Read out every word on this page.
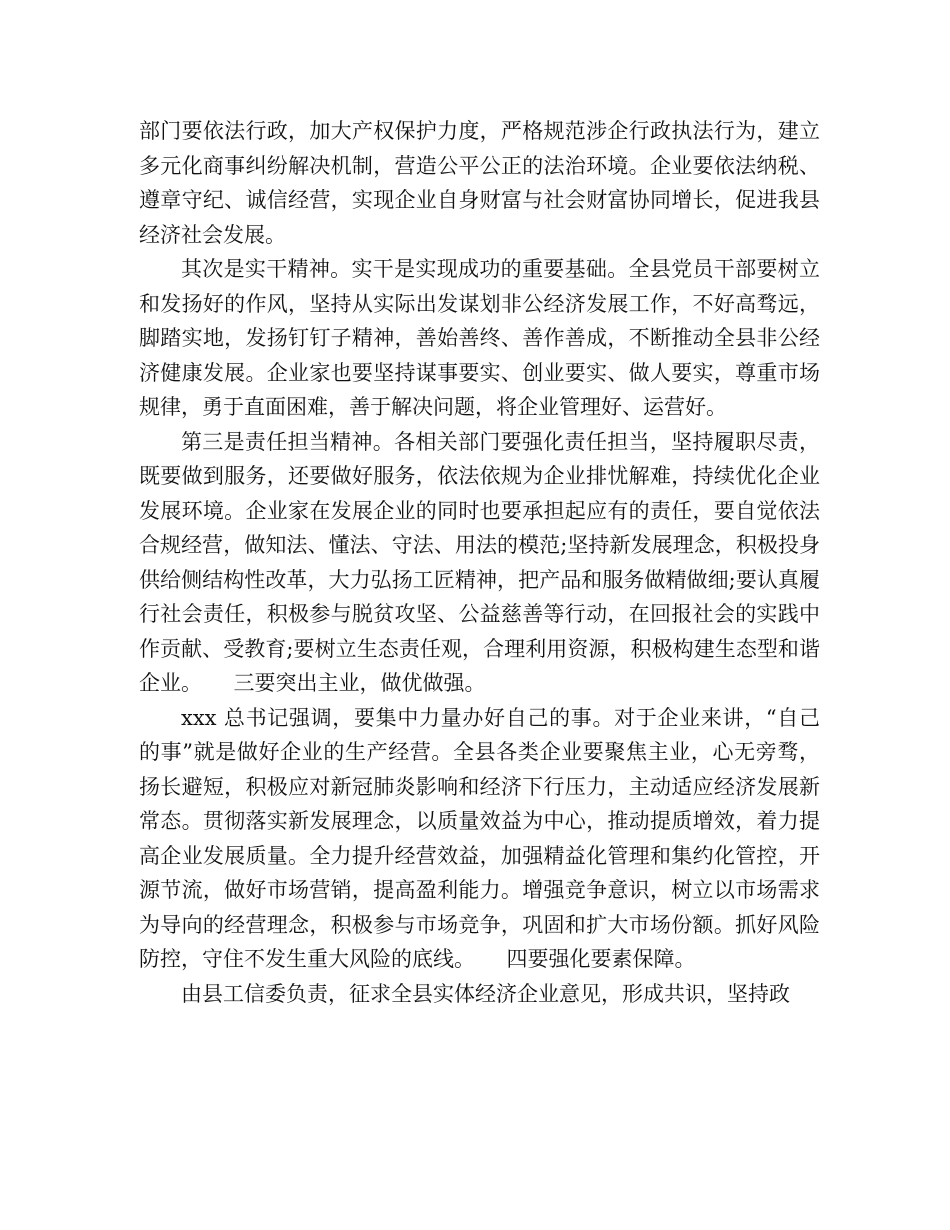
部门要依法行政，加大产权保护力度，严格规范涉企行政执法行为，建立多元化商事纠纷解决机制，营造公平公正的法治环境。企业要依法纳税、遵章守纪、诚信经营，实现企业自身财富与社会财富协同增长，促进我县经济社会发展。

其次是实干精神。实干是实现成功的重要基础。全县党员干部要树立和发扬好的作风，坚持从实际出发谋划非公经济发展工作，不好高骛远，脚踏实地，发扬钉钉子精神，善始善终、善作善成，不断推动全县非公经济健康发展。企业家也要坚持谋事要实、创业要实、做人要实，尊重市场规律，勇于直面困难，善于解决问题，将企业管理好、运营好。

第三是责任担当精神。各相关部门要强化责任担当，坚持履职尽责，既要做到服务，还要做好服务，依法依规为企业排忧解难，持续优化企业发展环境。企业家在发展企业的同时也要承担起应有的责任，要自觉依法合规经营，做知法、懂法、守法、用法的模范;坚持新发展理念，积极投身供给侧结构性改革，大力弘扬工匠精神，把产品和服务做精做细;要认真履行社会责任，积极参与脱贫攻坚、公益慈善等行动，在回报社会的实践中作贡献、受教育;要树立生态责任观，合理利用资源，积极构建生态型和谐企业。　　三要突出主业，做优做强。

xxx 总书记强调，要集中力量办好自己的事。对于企业来讲，“自己的事”就是做好企业的生产经营。全县各类企业要聚焦主业，心无旁骛，扬长避短，积极应对新冠肺炎影响和经济下行压力，主动适应经济发展新常态。贯彻落实新发展理念，以质量效益为中心，推动提质增效，着力提高企业发展质量。全力提升经营效益，加强精益化管理和集约化管控，开源节流，做好市场营销，提高盈利能力。增强竞争意识，树立以市场需求为导向的经营理念，积极参与市场竞争，巩固和扩大市场份额。抓好风险防控，守住不发生重大风险的底线。　　四要强化要素保障。

由县工信委负责，征求全县实体经济企业意见，形成共识，坚持政
